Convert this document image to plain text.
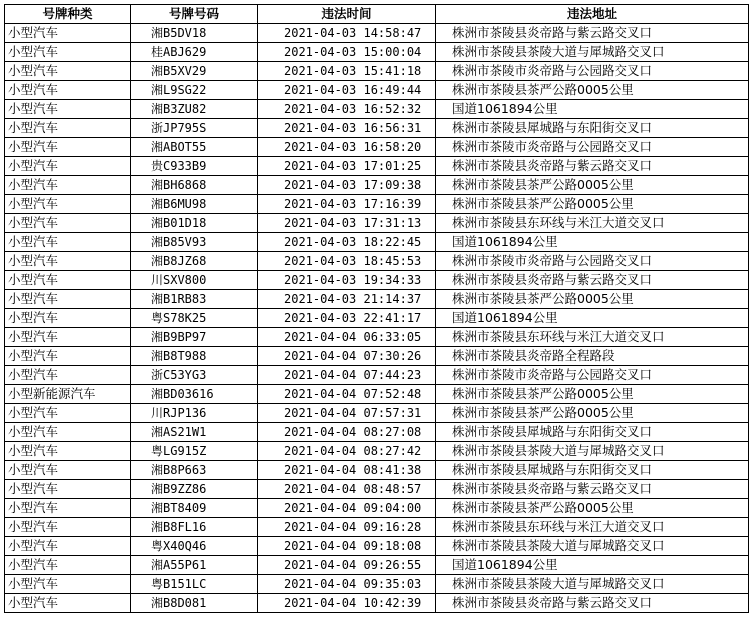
号牌种类	号牌号码	违法时间	违法地址
小型汽车	湘B5DV18	2021-04-03 14:58:47	株洲市茶陵县炎帝路与紫云路交叉口
小型汽车	桂ABJ629	2021-04-03 15:00:04	株洲市茶陵县茶陵大道与犀城路交叉口
小型汽车	湘B5XV29	2021-04-03 15:41:18	株洲市茶陵市炎帝路与公园路交叉口
小型汽车	湘L9SG22	2021-04-03 16:49:44	株洲市茶陵县茶严公路0005公里
小型汽车	湘B3ZU82	2021-04-03 16:52:32	国道1061894公里
小型汽车	浙JP795S	2021-04-03 16:56:31	株洲市茶陵县犀城路与东阳街交叉口
小型汽车	湘ABOT55	2021-04-03 16:58:20	株洲市茶陵市炎帝路与公园路交叉口
小型汽车	贵C933B9	2021-04-03 17:01:25	株洲市茶陵县炎帝路与紫云路交叉口
小型汽车	湘BH6868	2021-04-03 17:09:38	株洲市茶陵县茶严公路0005公里
小型汽车	湘B6MU98	2021-04-03 17:16:39	株洲市茶陵县茶严公路0005公里
小型汽车	湘B01D18	2021-04-03 17:31:13	株洲市茶陵县东环线与米江大道交叉口
小型汽车	湘B85V93	2021-04-03 18:22:45	国道1061894公里
小型汽车	湘B8JZ68	2021-04-03 18:45:53	株洲市茶陵市炎帝路与公园路交叉口
小型汽车	川SXV800	2021-04-03 19:34:33	株洲市茶陵县炎帝路与紫云路交叉口
小型汽车	湘B1RB83	2021-04-03 21:14:37	株洲市茶陵县茶严公路0005公里
小型汽车	粤S78K25	2021-04-03 22:41:17	国道1061894公里
小型汽车	湘B9BP97	2021-04-04 06:33:05	株洲市茶陵县东环线与米江大道交叉口
小型汽车	湘B8T988	2021-04-04 07:30:26	株洲市茶陵县炎帝路全程路段
小型汽车	浙C53YG3	2021-04-04 07:44:23	株洲市茶陵市炎帝路与公园路交叉口
小型新能源汽车	湘BD03616	2021-04-04 07:52:48	株洲市茶陵县茶严公路0005公里
小型汽车	川RJP136	2021-04-04 07:57:31	株洲市茶陵县茶严公路0005公里
小型汽车	湘AS21W1	2021-04-04 08:27:08	株洲市茶陵县犀城路与东阳街交叉口
小型汽车	粤LG915Z	2021-04-04 08:27:42	株洲市茶陵县茶陵大道与犀城路交叉口
小型汽车	湘B8P663	2021-04-04 08:41:38	株洲市茶陵县犀城路与东阳街交叉口
小型汽车	湘B9ZZ86	2021-04-04 08:48:57	株洲市茶陵县炎帝路与紫云路交叉口
小型汽车	湘BT8409	2021-04-04 09:04:00	株洲市茶陵县茶严公路0005公里
小型汽车	湘B8FL16	2021-04-04 09:16:28	株洲市茶陵县东环线与米江大道交叉口
小型汽车	粤X40Q46	2021-04-04 09:18:08	株洲市茶陵县茶陵大道与犀城路交叉口
小型汽车	湘A55P61	2021-04-04 09:26:55	国道1061894公里
小型汽车	粤B151LC	2021-04-04 09:35:03	株洲市茶陵县茶陵大道与犀城路交叉口
小型汽车	湘B8D081	2021-04-04 10:42:39	株洲市茶陵县炎帝路与紫云路交叉口
